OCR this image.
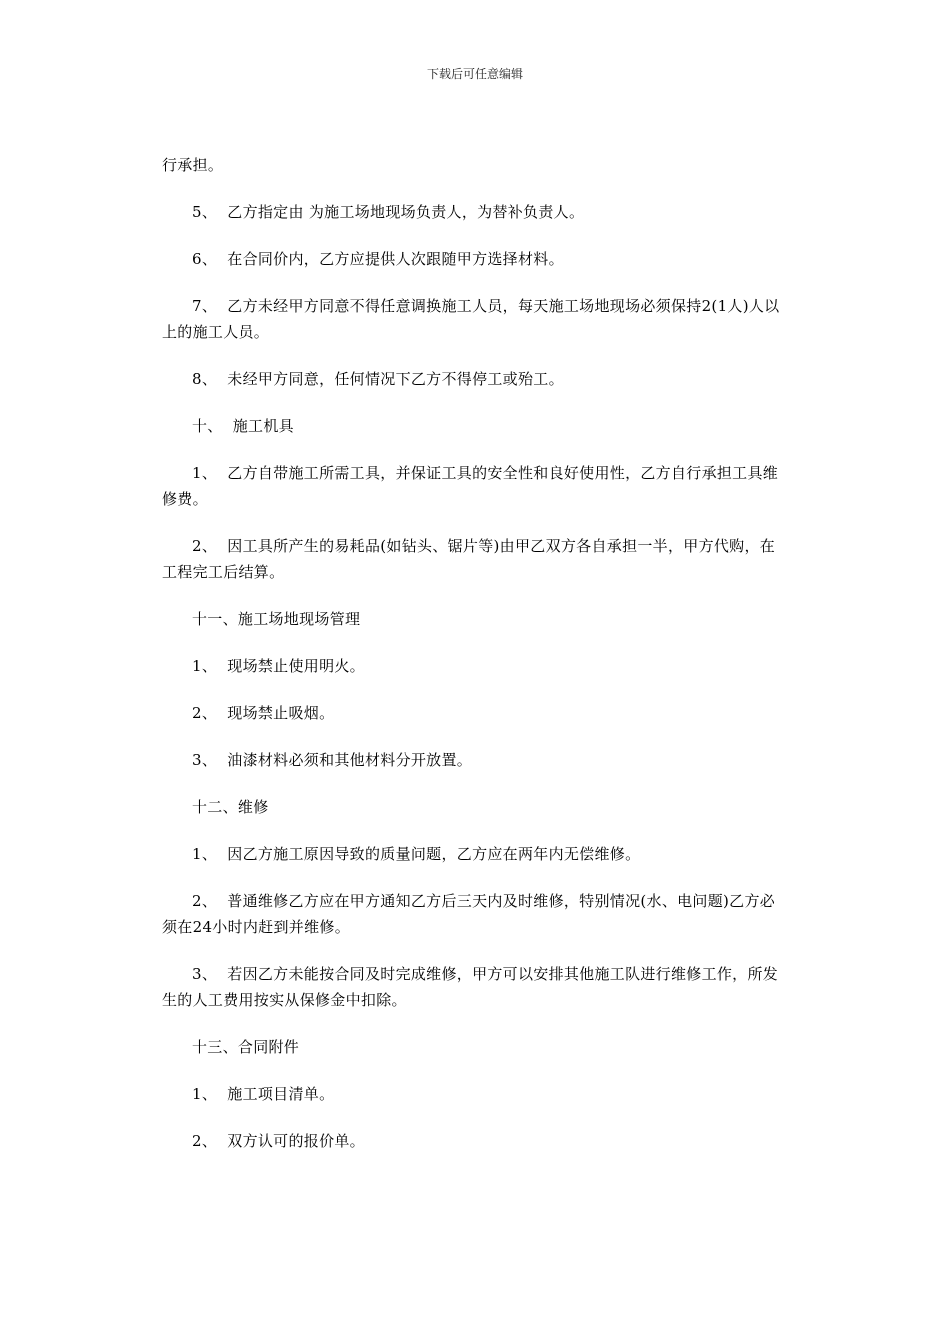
下载后可任意编辑

行承担。

5、  乙方指定由 为施工场地现场负责人，为替补负责人。

6、  在合同价内，乙方应提供人次跟随甲方选择材料。

7、  乙方未经甲方同意不得任意调换施工人员，每天施工场地现场必须保持2(1人)人以上的施工人员。

8、  未经甲方同意，任何情况下乙方不得停工或殆工。

十、  施工机具

1、  乙方自带施工所需工具，并保证工具的安全性和良好使用性，乙方自行承担工具维修费。

2、  因工具所产生的易耗品(如钻头、锯片等)由甲乙双方各自承担一半，甲方代购，在工程完工后结算。

十一、施工场地现场管理

1、  现场禁止使用明火。

2、  现场禁止吸烟。

3、  油漆材料必须和其他材料分开放置。

十二、维修

1、  因乙方施工原因导致的质量问题，乙方应在两年内无偿维修。

2、  普通维修乙方应在甲方通知乙方后三天内及时维修，特别情况(水、电问题)乙方必须在24小时内赶到并维修。

3、  若因乙方未能按合同及时完成维修，甲方可以安排其他施工队进行维修工作，所发生的人工费用按实从保修金中扣除。

十三、合同附件

1、  施工项目清单。

2、  双方认可的报价单。
